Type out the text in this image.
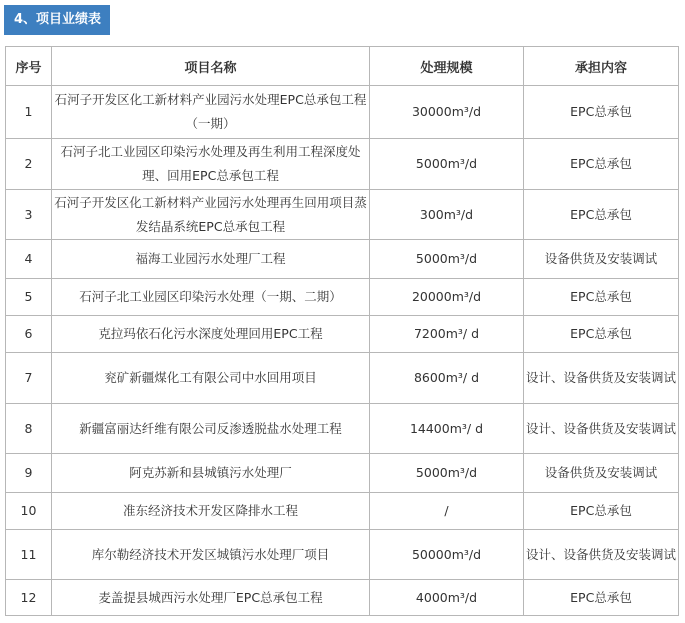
4、项目业绩表
序号	项目名称	处理规模	承担内容
1	石河子开发区化工新材料产业园污水处理EPC总承包工程（一期）	30000m³/d	EPC总承包
2	石河子北工业园区印染污水处理及再生利用工程深度处理、回用EPC总承包工程	5000m³/d	EPC总承包
3	石河子开发区化工新材料产业园污水处理再生回用项目蒸发结晶系统EPC总承包工程	300m³/d	EPC总承包
4	福海工业园污水处理厂工程	5000m³/d	设备供货及安装调试
5	石河子北工业园区印染污水处理（一期、二期）	20000m³/d	EPC总承包
6	克拉玛依石化污水深度处理回用EPC工程	7200m³/ d	EPC总承包
7	兖矿新疆煤化工有限公司中水回用项目	8600m³/ d	设计、设备供货及安装调试
8	新疆富丽达纤维有限公司反渗透脱盐水处理工程	14400m³/ d	设计、设备供货及安装调试
9	阿克苏新和县城镇污水处理厂	5000m³/d	设备供货及安装调试
10	准东经济技术开发区降排水工程	/	EPC总承包
11	库尔勒经济技术开发区城镇污水处理厂项目	50000m³/d	设计、设备供货及安装调试
12	麦盖提县城西污水处理厂EPC总承包工程	4000m³/d	EPC总承包
